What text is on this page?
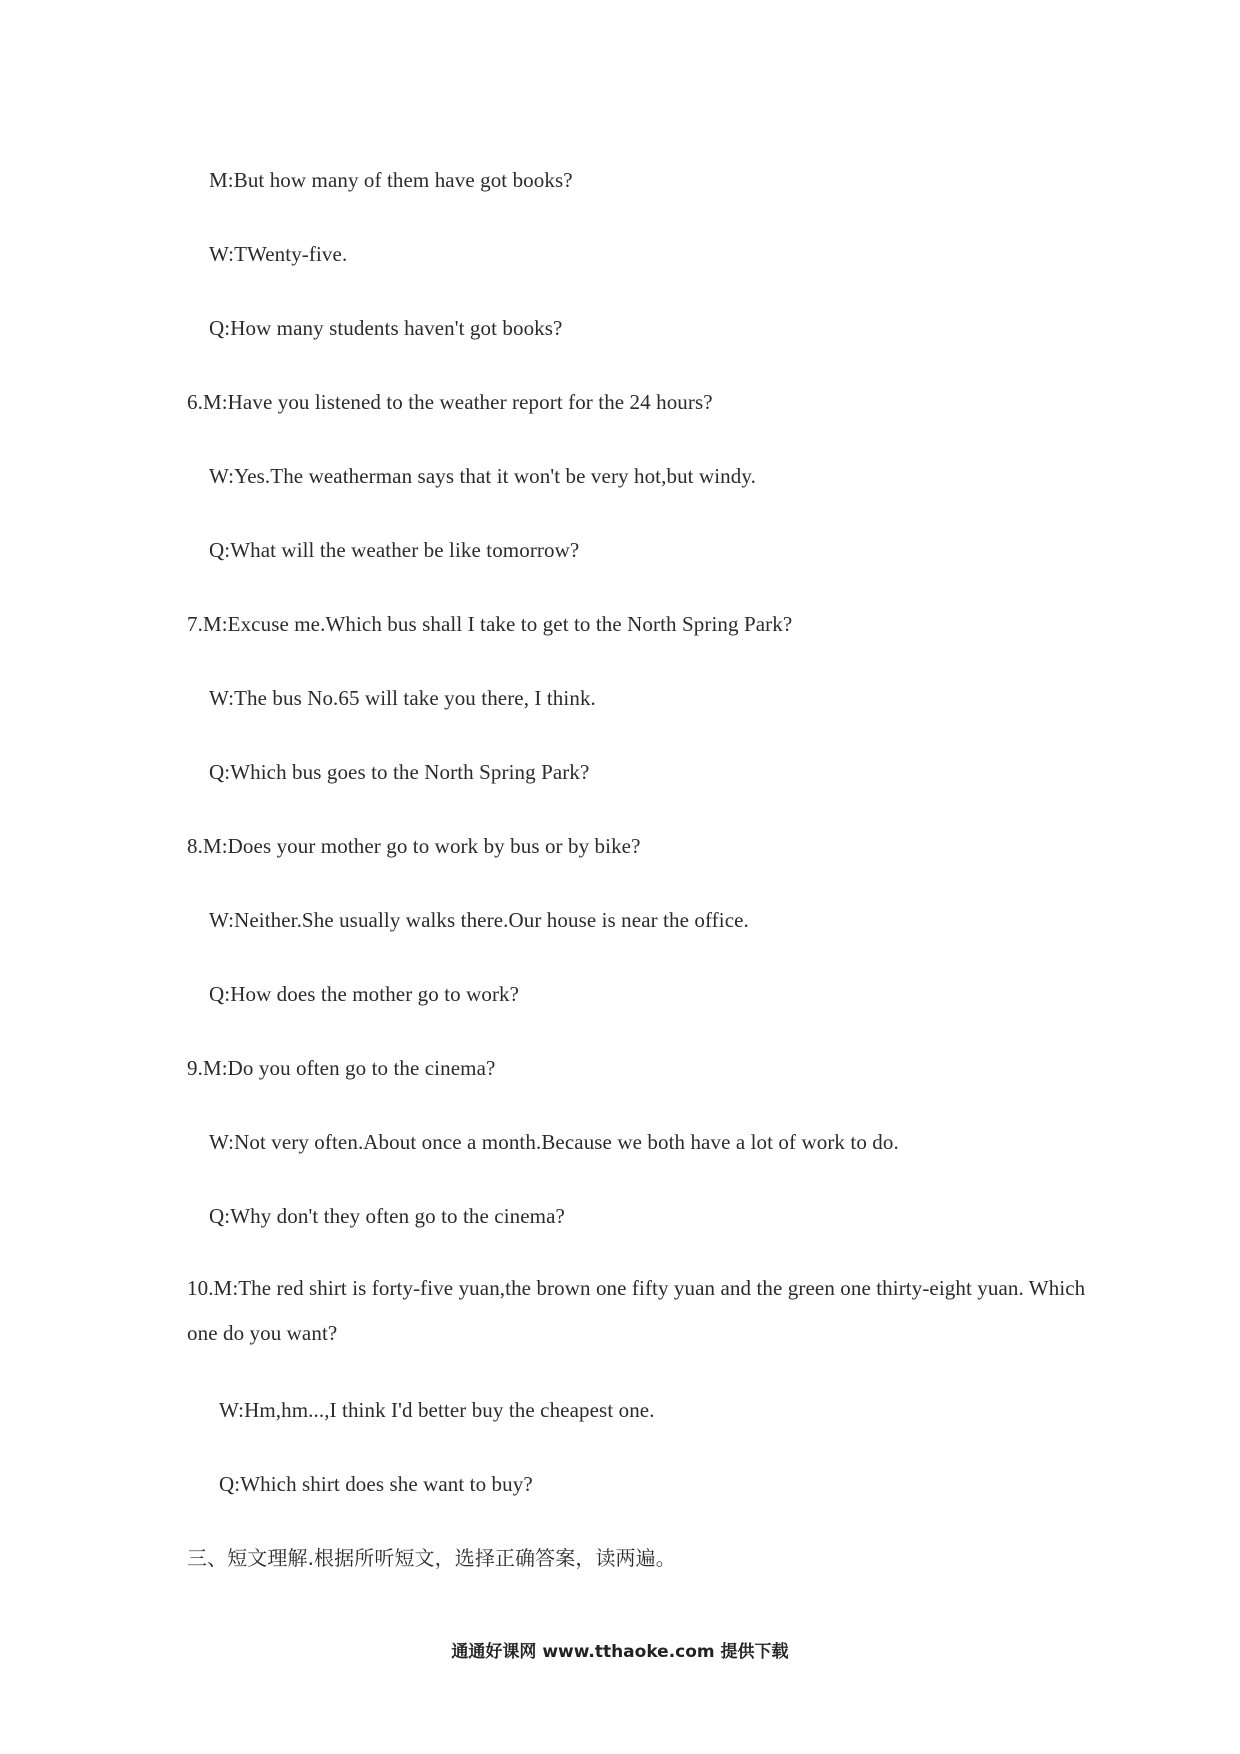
M:But how many of them have got books?
W:TWenty-five.
Q:How many students haven't got books?
6.M:Have you listened to the weather report for the 24 hours?
W:Yes.The weatherman says that it won't be very hot,but windy.
Q:What will the weather be like tomorrow?
7.M:Excuse me.Which bus shall I take to get to the North Spring Park?
W:The bus No.65 will take you there, I think.
Q:Which bus goes to the North Spring Park?
8.M:Does your mother go to work by bus or by bike?
W:Neither.She usually walks there.Our house is near the office.
Q:How does the mother go to work?
9.M:Do you often go to the cinema?
W:Not very often.About once a month.Because we both have a lot of work to do.
Q:Why don't they often go to the cinema?
10.M:The red shirt is forty-five yuan,the brown one fifty yuan and the green one thirty-eight yuan. Which one do you want?
W:Hm,hm...,I think I'd better buy the cheapest one.
Q:Which shirt does she want to buy?
三、短文理解.根据所听短文，选择正确答案，读两遍。
通通好课网 www.tthaoke.com 提供下载
